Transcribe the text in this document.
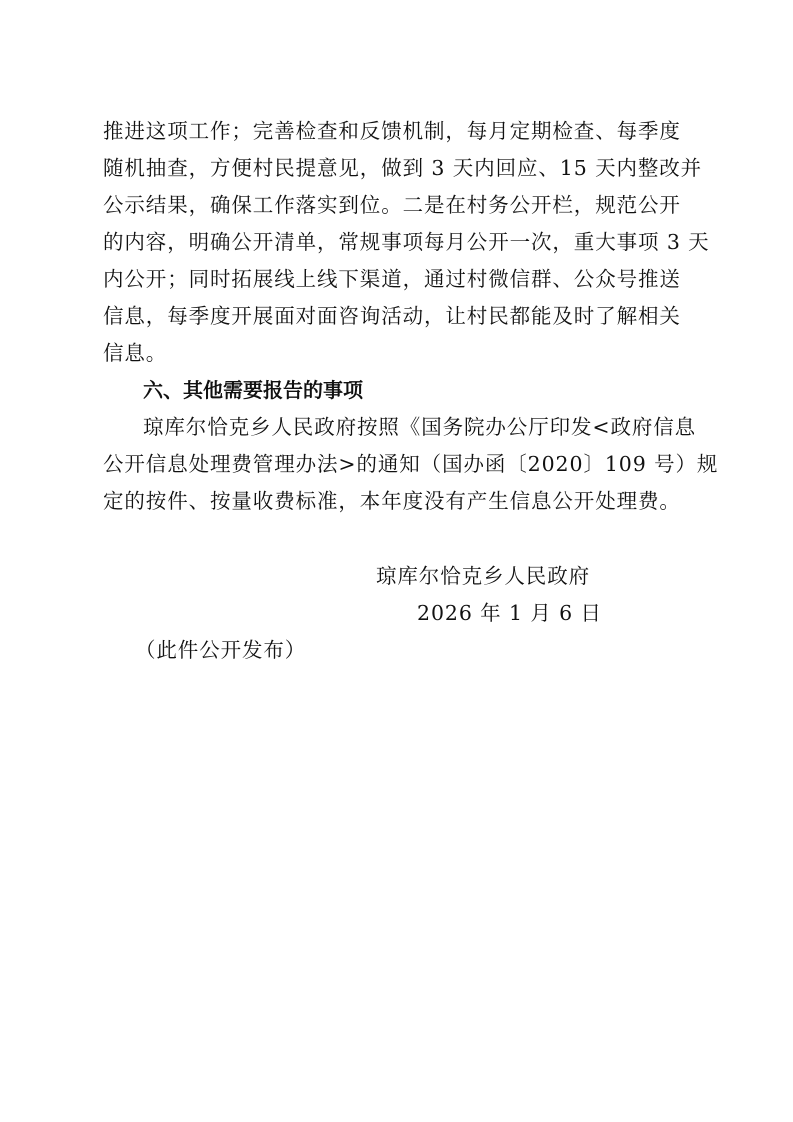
推进这项工作；完善检查和反馈机制，每月定期检查、每季度
随机抽查，方便村民提意见，做到 3 天内回应、15 天内整改并
公示结果，确保工作落实到位。二是在村务公开栏，规范公开
的内容，明确公开清单，常规事项每月公开一次，重大事项 3 天
内公开；同时拓展线上线下渠道，通过村微信群、公众号推送
信息，每季度开展面对面咨询活动，让村民都能及时了解相关
信息。
六、其他需要报告的事项
琼库尔恰克乡人民政府按照《国务院办公厅印发<政府信息
公开信息处理费管理办法>的通知（国办函〔2020〕109 号）规
定的按件、按量收费标准，本年度没有产生信息公开处理费。
琼库尔恰克乡人民政府
2026 年 1 月 6 日
（此件公开发布）
